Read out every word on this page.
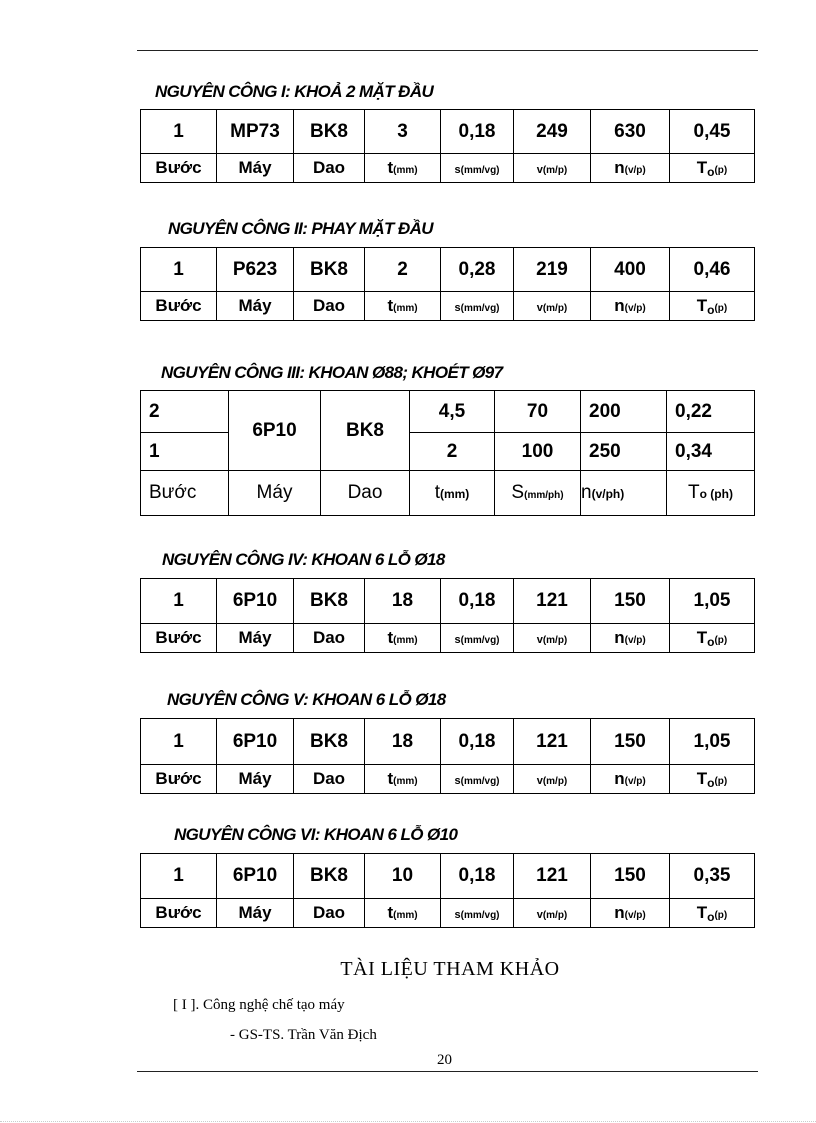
NGUYÊN CÔNG I: KHOẢ 2 MẶT ĐẦU
1	MP73	BK8	3	0,18	249	630	0,45
Bước	Máy	Dao	t(mm)	s(mm/vg)	v(m/p)	n(v/p)	$T_o(p)$
NGUYÊN CÔNG II: PHAY MẶT ĐẦU
1	P623	BK8	2	0,28	219	400	0,46
Bước	Máy	Dao	t(mm)	s(mm/vg)	v(m/p)	n(v/p)	$T_o(p)$
NGUYÊN CÔNG III: KHOAN Ø88; KHOÉT Ø97
2	6P10	BK8	4,5	70	200	0,22
1			2	100	250	0,34
Bước	Máy	Dao	t(mm)	S(mm/ph)	n(v/ph)	To (ph)
NGUYÊN CÔNG IV: KHOAN 6 LỖ Ø18
1	6P10	BK8	18	0,18	121	150	1,05
Bước	Máy	Dao	t(mm)	s(mm/vg)	v(m/p)	n(v/p)	$T_o(p)$
NGUYÊN CÔNG V: KHOAN 6 LỖ Ø18
1	6P10	BK8	18	0,18	121	150	1,05
Bước	Máy	Dao	t(mm)	s(mm/vg)	v(m/p)	n(v/p)	$T_o(p)$
NGUYÊN CÔNG VI: KHOAN 6 LỖ Ø10
1	6P10	BK8	10	0,18	121	150	0,35
Bước	Máy	Dao	t(mm)	s(mm/vg)	v(m/p)	n(v/p)	$T_o(p)$
TÀI LIỆU THAM KHẢO
[ I ]. Công nghệ chế tạo máy
- GS-TS. Trần Văn Địch
20
